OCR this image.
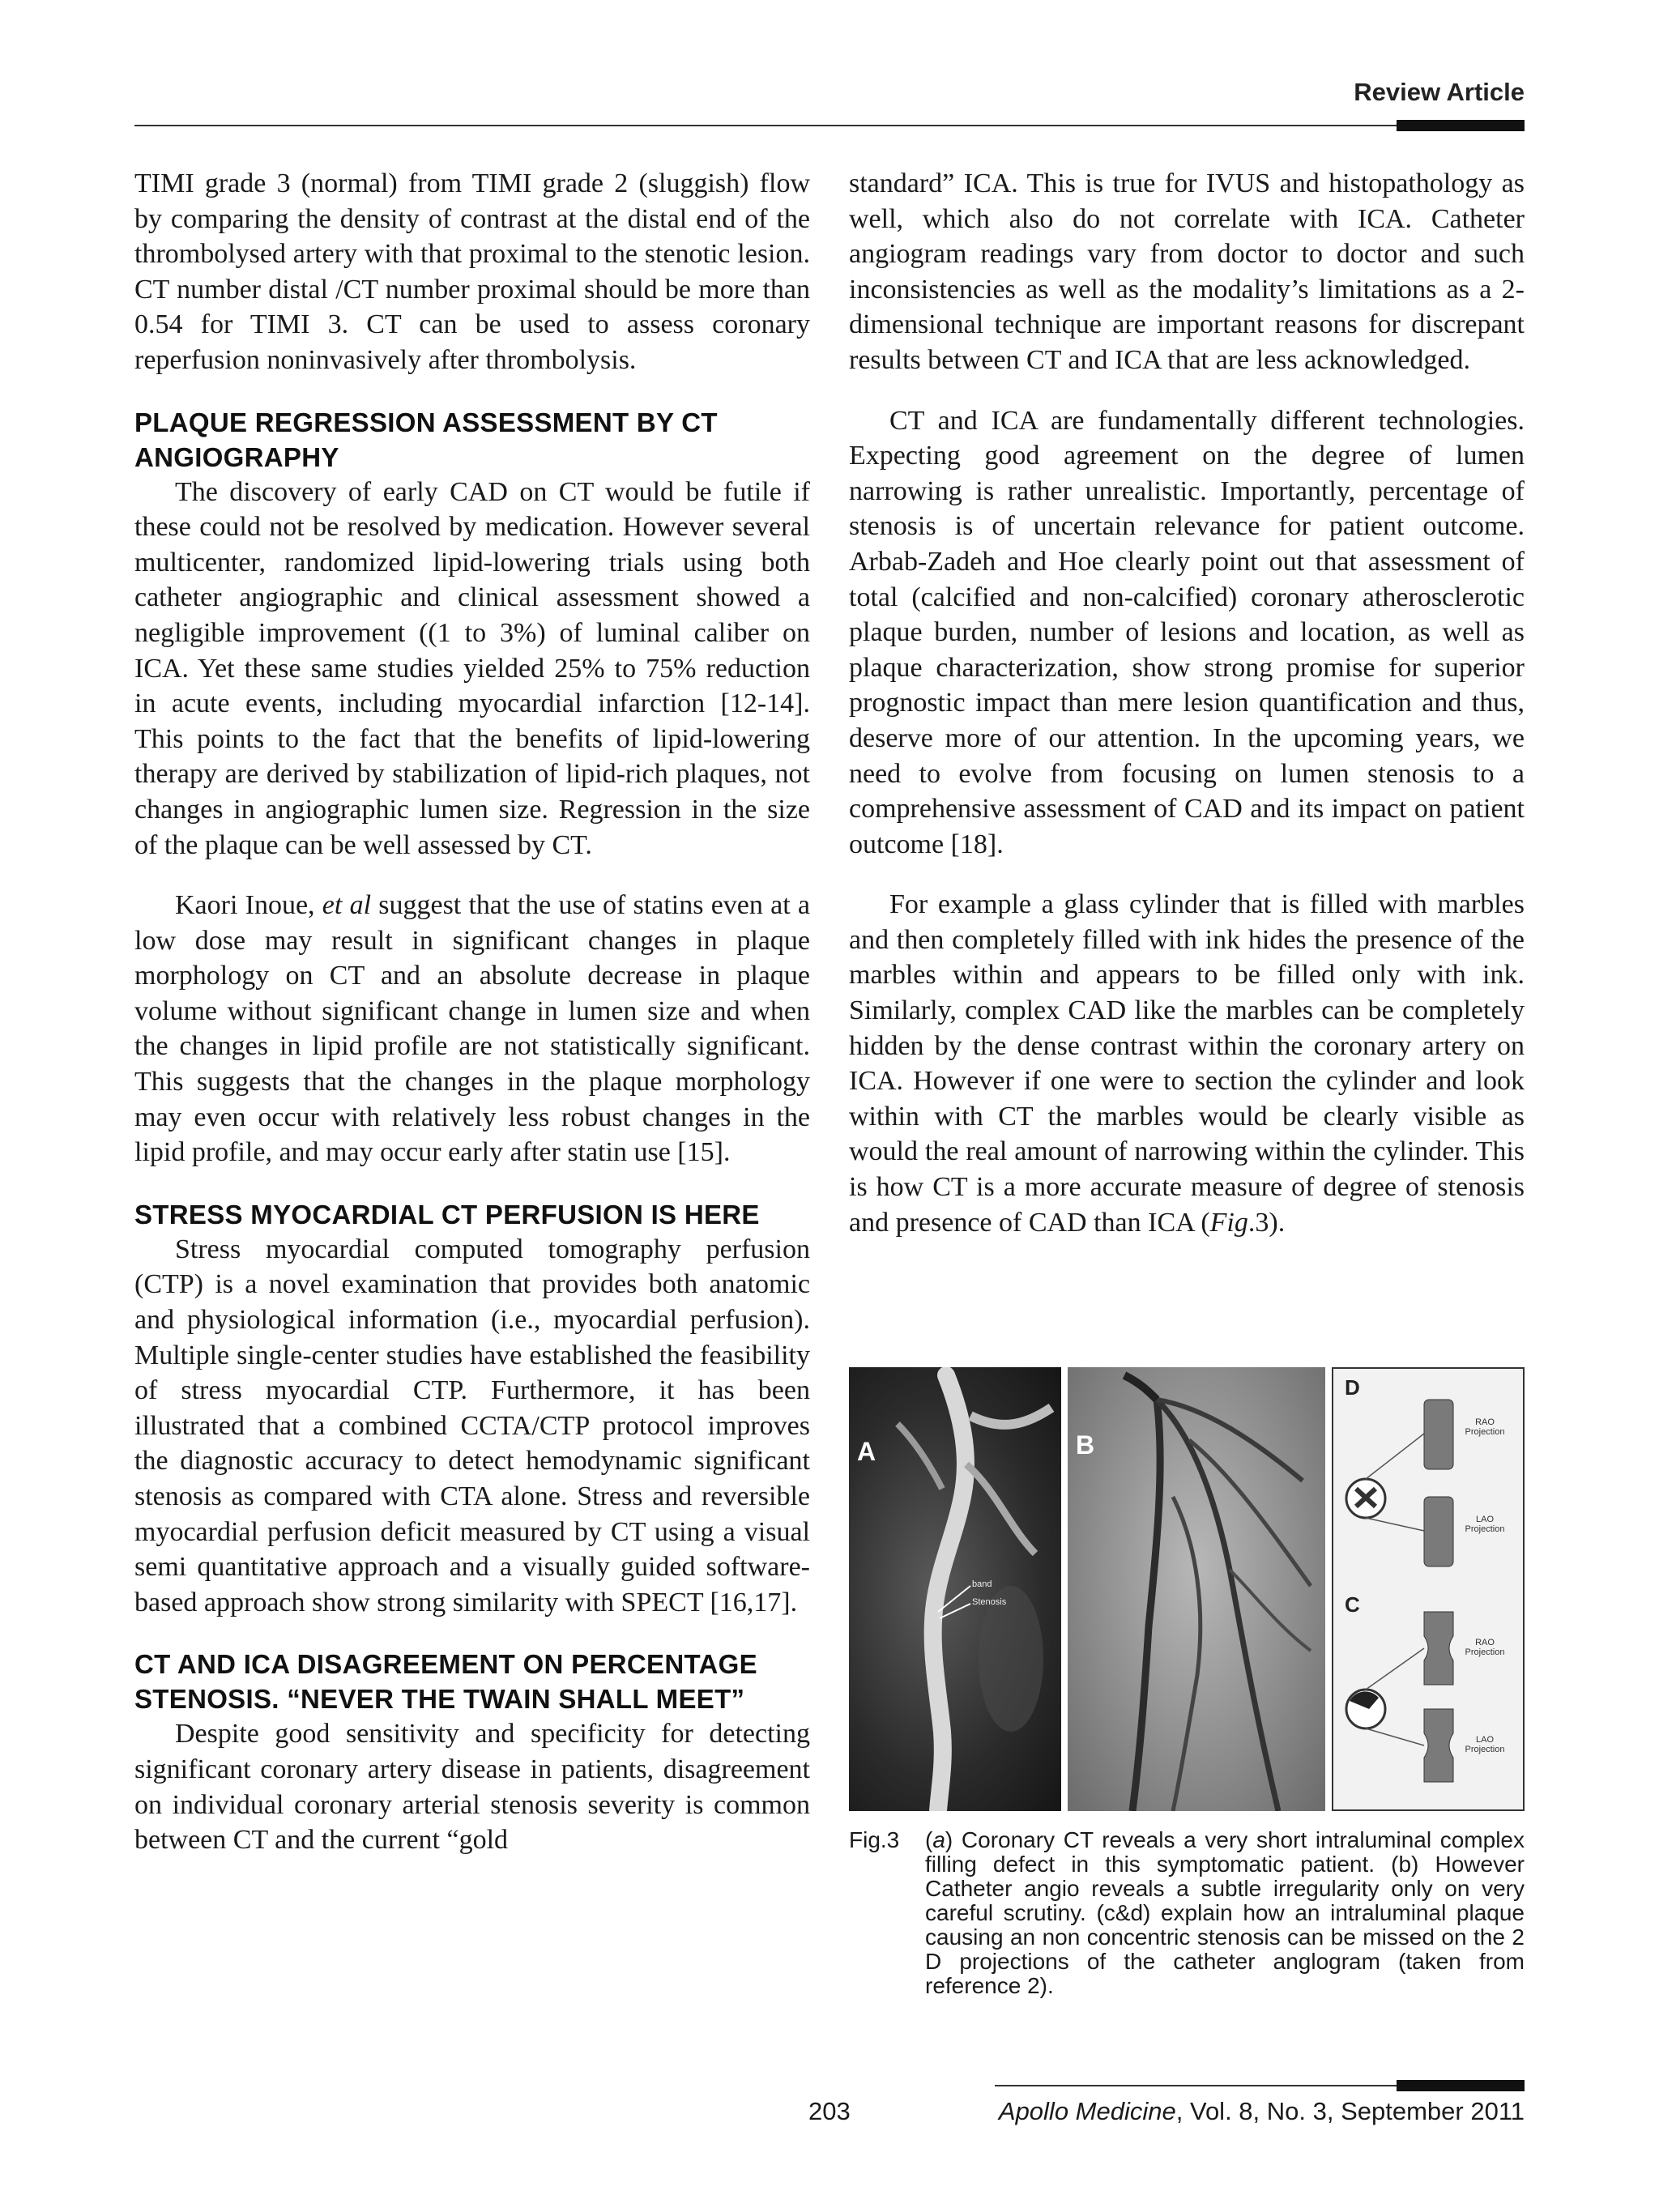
Review Article

TIMI grade 3 (normal) from TIMI grade 2 (sluggish) flow by comparing the density of contrast at the distal end of the thrombolysed artery with that proximal to the stenotic lesion. CT number distal /CT number proximal should be more than 0.54 for TIMI 3. CT can be used to assess coronary reperfusion noninvasively after thrombolysis.

PLAQUE REGRESSION ASSESSMENT BY CT ANGIOGRAPHY

The discovery of early CAD on CT would be futile if these could not be resolved by medication. However several multicenter, randomized lipid-lowering trials using both catheter angiographic and clinical assessment showed a negligible improvement ((1 to 3%) of luminal caliber on ICA. Yet these same studies yielded 25% to 75% reduction in acute events, including myocardial infarction [12-14]. This points to the fact that the benefits of lipid-lowering therapy are derived by stabilization of lipid-rich plaques, not changes in angiographic lumen size. Regression in the size of the plaque can be well assessed by CT.

Kaori Inoue, et al suggest that the use of statins even at a low dose may result in significant changes in plaque morphology on CT and an absolute decrease in plaque volume without significant change in lumen size and when the changes in lipid profile are not statistically significant. This suggests that the changes in the plaque morphology may even occur with relatively less robust changes in the lipid profile, and may occur early after statin use [15].

STRESS MYOCARDIAL CT PERFUSION IS HERE

Stress myocardial computed tomography perfusion (CTP) is a novel examination that provides both anatomic and physiological information (i.e., myocardial perfusion). Multiple single-center studies have established the feasibility of stress myocardial CTP. Furthermore, it has been illustrated that a combined CCTA/CTP protocol improves the diagnostic accuracy to detect hemodynamic significant stenosis as compared with CTA alone. Stress and reversible myocardial perfusion deficit measured by CT using a visual semi quantitative approach and a visually guided software-based approach show strong similarity with SPECT [16,17].

CT AND ICA DISAGREEMENT ON PERCENTAGE STENOSIS. “NEVER THE TWAIN SHALL MEET”

Despite good sensitivity and specificity for detecting significant coronary artery disease in patients, disagreement on individual coronary arterial stenosis severity is common between CT and the current “gold

standard” ICA. This is true for IVUS and histopathology as well, which also do not correlate with ICA. Catheter angiogram readings vary from doctor to doctor and such inconsistencies as well as the modality’s limitations as a 2-dimensional technique are important reasons for discrepant results between CT and ICA that are less acknowledged.

CT and ICA are fundamentally different technologies. Expecting good agreement on the degree of lumen narrowing is rather unrealistic. Importantly, percentage of stenosis is of uncertain relevance for patient outcome. Arbab-Zadeh and Hoe clearly point out that assessment of total (calcified and non-calcified) coronary atherosclerotic plaque burden, number of lesions and location, as well as plaque characterization, show strong promise for superior prognostic impact than mere lesion quantification and thus, deserve more of our attention. In the upcoming years, we need to evolve from focusing on lumen stenosis to a comprehensive assessment of CAD and its impact on patient outcome [18].

For example a glass cylinder that is filled with marbles and then completely filled with ink hides the presence of the marbles within and appears to be filled only with ink. Similarly, complex CAD like the marbles can be completely hidden by the dense contrast within the coronary artery on ICA. However if one were to section the cylinder and look within with CT the marbles would be clearly visible as would the real amount of narrowing within the cylinder. This is how CT is a more accurate measure of degree of stenosis and presence of CAD than ICA (Fig.3).

A
band
Stenosis
B
D
C
RAO Projection
LAO Projection
RAO Projection
LAO Projection
Fig.3 (a) Coronary CT reveals a very short intraluminal complex filling defect in this symptomatic patient. (b) However Catheter angio reveals a subtle irregularity only on very careful scrutiny. (c&d) explain how an intraluminal plaque causing an non concentric stenosis can be missed on the 2 D projections of the catheter anglogram (taken from reference 2).
203	Apollo Medicine, Vol. 8, No. 3, September 2011
